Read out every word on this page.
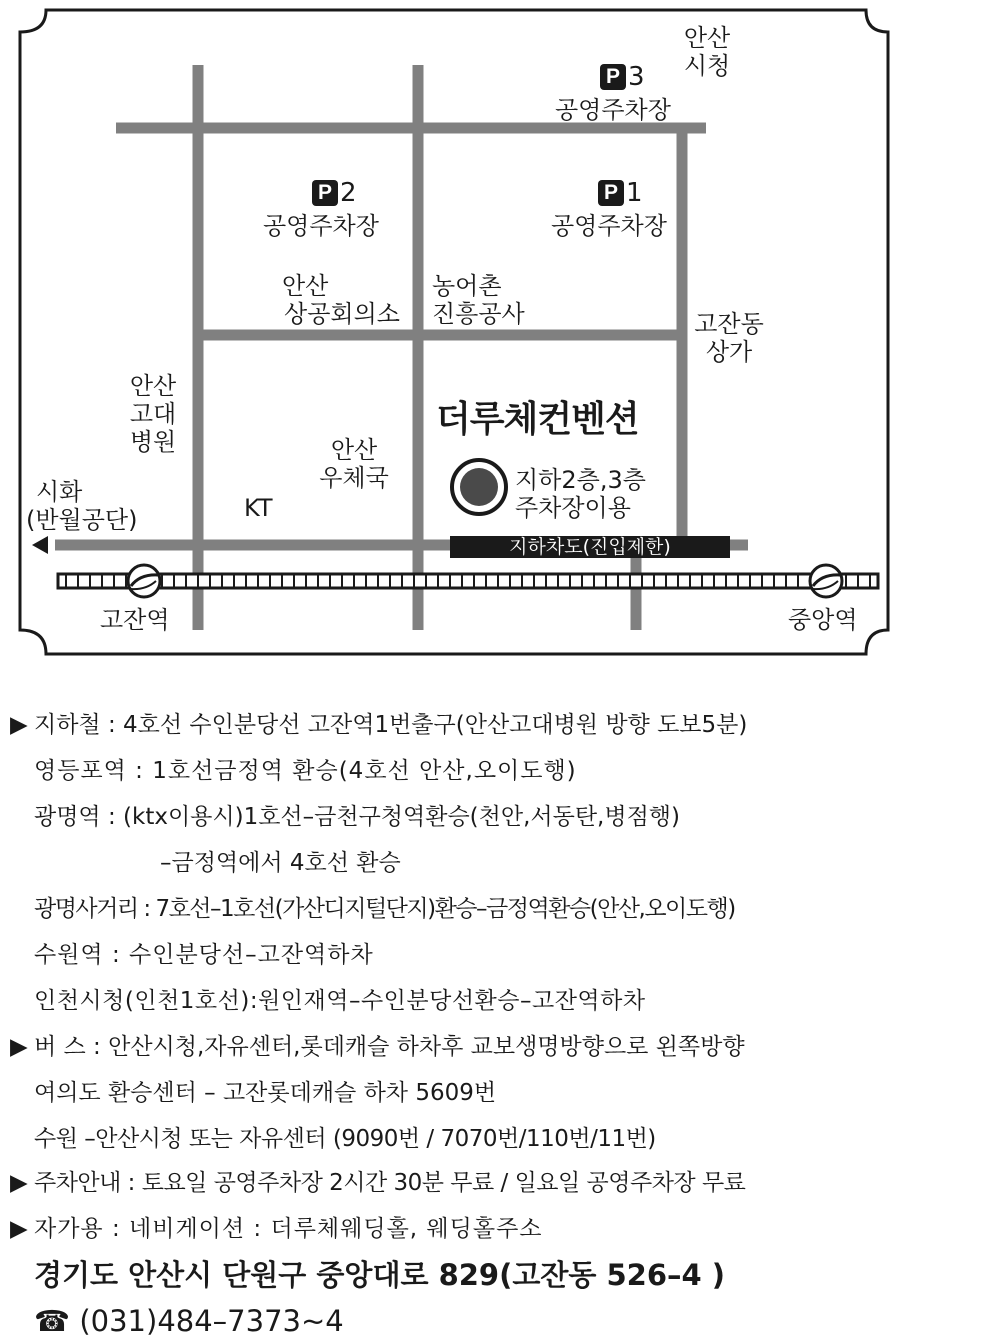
안산
시청
P 3
공영주차장
P 2
공영주차장
P 1
공영주차장
안산
상공회의소
농어촌
진흥공사	고잔동
상가
안산
고대
병원
더루체컨벤션
안산
우체국
KT
지하2층,3층
주차장이용
시화
(반월공단)
지하차도(진입제한)
고잔역	중앙역
▶ 지하철 : 4호선 수인분당선 고잔역1번출구(안산고대병원 방향 도보5분)
영등포역 : 1호선금정역 환승(4호선 안산,오이도행)
광명역 : (ktx이용시)1호선–금천구청역환승(천안,서동탄,병점행)
–금정역에서 4호선 환승
광명사거리 : 7호선–1호선(가산디지털단지)환승–금정역환승(안산,오이도행)
수원역 : 수인분당선–고잔역하차
인천시청(인천1호선):원인재역–수인분당선환승–고잔역하차
▶ 버 스 : 안산시청,자유센터,롯데캐슬 하차후 교보생명방향으로 왼쪽방향
여의도 환승센터 – 고잔롯데캐슬 하차 5609번
수원 –안산시청 또는 자유센터 (9090번 / 7070번/110번/11번)
▶ 주차안내 : 토요일 공영주차장 2시간 30분 무료 / 일요일 공영주차장 무료
▶ 자가용 : 네비게이션 : 더루체웨딩홀, 웨딩홀주소
경기도 안산시 단원구 중앙대로 829(고잔동 526–4 )
☎ (031)484–7373~4
